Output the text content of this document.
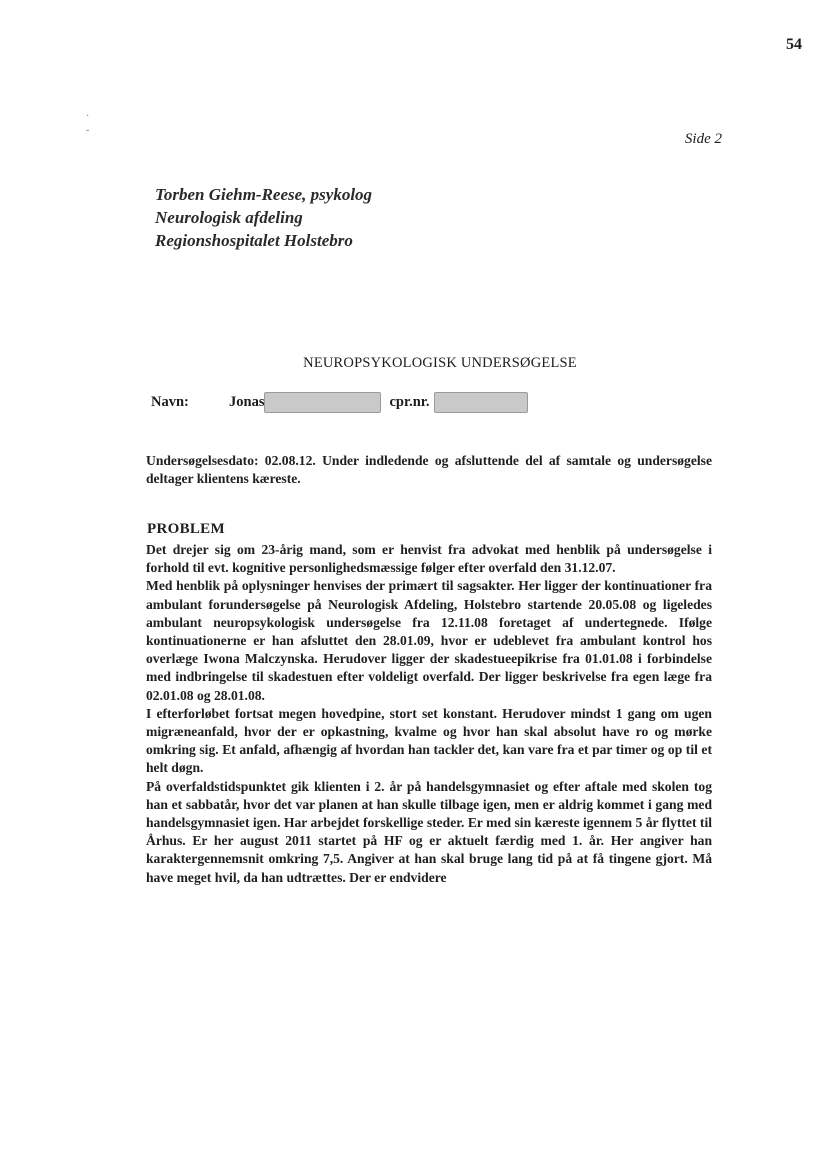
54
·
˘	Side 2
Torben Giehm-Reese, psykolog
Neurologisk afdeling
Regionshospitalet Holstebro
NEUROPSYKOLOGISK UNDERSØGELSE
Navn:	Jonas	cpr.nr.

Undersøgelsesdato: 02.08.12. Under indledende og afsluttende del af samtale og undersøgelse deltager klientens kæreste.

PROBLEM

Det drejer sig om 23-årig mand, som er henvist fra advokat med henblik på undersøgelse i forhold til evt. kognitive personlighedsmæssige følger efter overfald den 31.12.07.

Med henblik på oplysninger henvises der primært til sagsakter. Her ligger der kontinuationer fra ambulant forundersøgelse på Neurologisk Afdeling, Holstebro startende 20.05.08 og ligeledes ambulant neuropsykologisk undersøgelse fra 12.11.08 foretaget af undertegnede. Ifølge kontinuationerne er han afsluttet den 28.01.09, hvor er udeblevet fra ambulant kontrol hos overlæge Iwona Malczynska. Herudover ligger der skadestueepikrise fra 01.01.08 i forbindelse med indbringelse til skadestuen efter voldeligt overfald. Der ligger beskrivelse fra egen læge fra 02.01.08 og 28.01.08.

I efterforløbet fortsat megen hovedpine, stort set konstant. Herudover mindst 1 gang om ugen migræneanfald, hvor der er opkastning, kvalme og hvor han skal absolut have ro og mørke omkring sig. Et anfald, afhængig af hvordan han tackler det, kan vare fra et par timer og op til et helt døgn.

På overfaldstidspunktet gik klienten i 2. år på handelsgymnasiet og efter aftale med skolen tog han et sabbatår, hvor det var planen at han skulle tilbage igen, men er aldrig kommet i gang med handelsgymnasiet igen. Har arbejdet forskellige steder. Er med sin kæreste igennem 5 år flyttet til Århus. Er her august 2011 startet på HF og er aktuelt færdig med 1. år. Her angiver han karaktergennemsnit omkring 7,5. Angiver at han skal bruge lang tid på at få tingene gjort. Må have meget hvil, da han udtrættes. Der er endvidere
